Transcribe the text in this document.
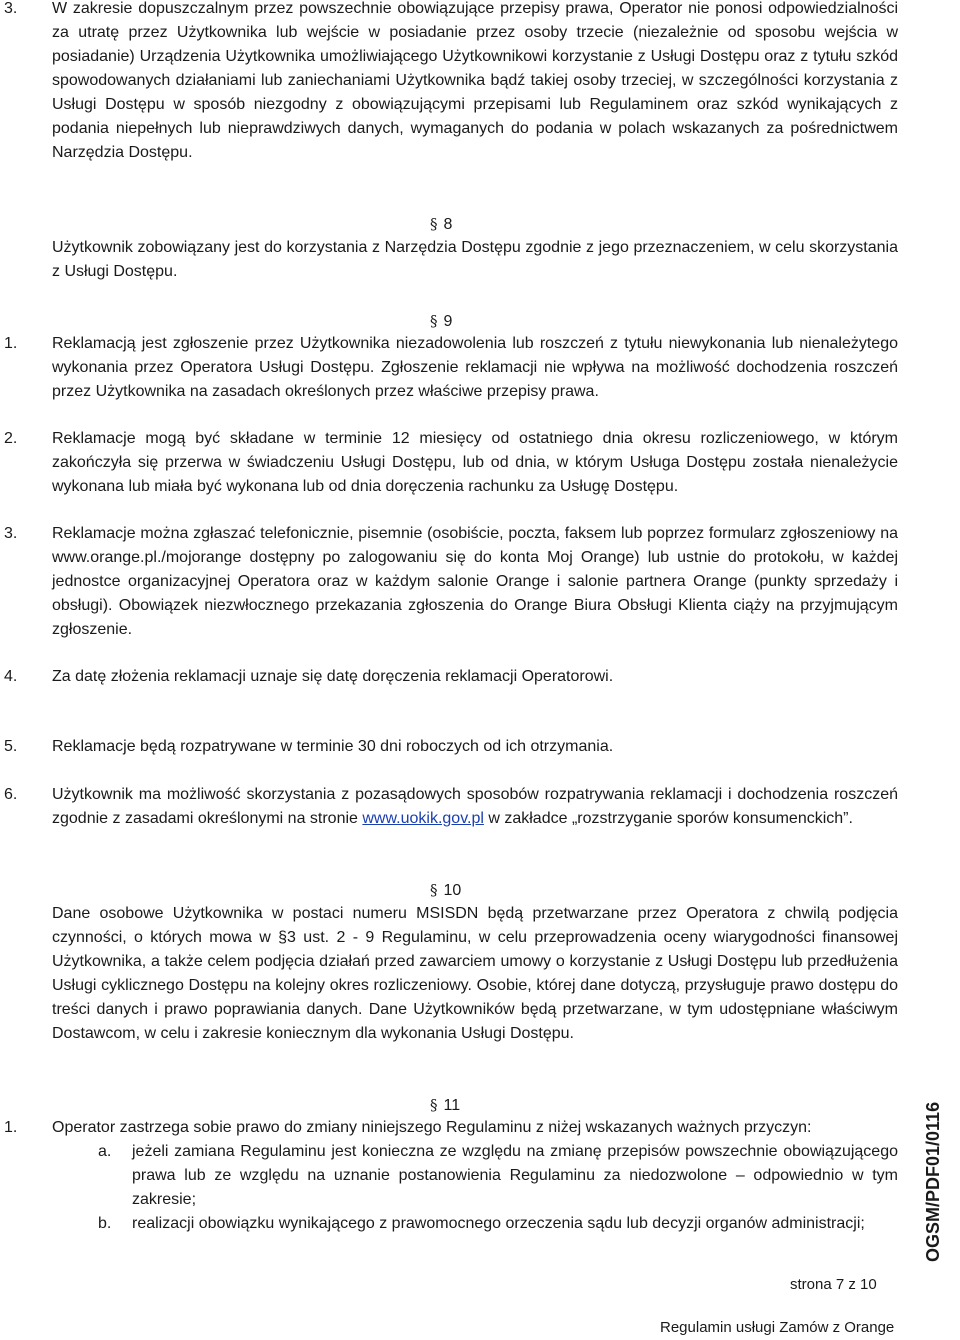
3. W zakresie dopuszczalnym przez powszechnie obowiązujące przepisy prawa, Operator nie ponosi odpowiedzialności za utratę przez Użytkownika lub wejście w posiadanie przez osoby trzecie (niezależnie od sposobu wejścia w posiadanie) Urządzenia Użytkownika umożliwiającego Użytkownikowi korzystanie z Usługi Dostępu oraz z tytułu szkód spowodowanych działaniami lub zaniechaniami Użytkownika bądź takiej osoby trzeciej, w szczególności korzystania z Usługi Dostępu w sposób niezgodny z obowiązującymi przepisami lub Regulaminem oraz szkód wynikających z podania niepełnych lub nieprawdziwych danych, wymaganych do podania w polach wskazanych za pośrednictwem Narzędzia Dostępu.

§ 8

Użytkownik zobowiązany jest do korzystania z Narzędzia Dostępu zgodnie z jego przeznaczeniem, w celu skorzystania z Usługi Dostępu.

§ 9

1. Reklamacją jest zgłoszenie przez Użytkownika niezadowolenia lub roszczeń z tytułu niewykonania lub nienależytego wykonania przez Operatora Usługi Dostępu. Zgłoszenie reklamacji nie wpływa na możliwość dochodzenia roszczeń przez Użytkownika na zasadach określonych przez właściwe przepisy prawa.

2. Reklamacje mogą być składane w terminie 12 miesięcy od ostatniego dnia okresu rozliczeniowego, w którym zakończyła się przerwa w świadczeniu Usługi Dostępu, lub od dnia, w którym Usługa Dostępu została nienależycie wykonana lub miała być wykonana lub od dnia doręczenia rachunku za Usługę Dostępu.

3. Reklamacje można zgłaszać telefonicznie, pisemnie (osobiście, poczta, faksem lub poprzez formularz zgłoszeniowy na www.orange.pl./mojorange dostępny po zalogowaniu się do konta Moj Orange) lub ustnie do protokołu, w każdej jednostce organizacyjnej Operatora oraz w każdym salonie Orange i salonie partnera Orange (punkty sprzedaży i obsługi). Obowiązek niezwłocznego przekazania zgłoszenia do Orange Biura Obsługi Klienta ciąży na przyjmującym zgłoszenie.

4. Za datę złożenia reklamacji uznaje się datę doręczenia reklamacji Operatorowi.

5. Reklamacje będą rozpatrywane w terminie 30 dni roboczych od ich otrzymania.

6. Użytkownik ma możliwość skorzystania z pozasądowych sposobów rozpatrywania reklamacji i dochodzenia roszczeń zgodnie z zasadami określonymi na stronie www.uokik.gov.pl w zakładce „rozstrzyganie sporów konsumenckich”.

§ 10

Dane osobowe Użytkownika w postaci numeru MSISDN będą przetwarzane przez Operatora z chwilą podjęcia czynności, o których mowa w §3 ust. 2 - 9 Regulaminu, w celu przeprowadzenia oceny wiarygodności finansowej Użytkownika, a także celem podjęcia działań przed zawarciem umowy o korzystanie z Usługi Dostępu lub przedłużenia Usługi cyklicznego Dostępu na kolejny okres rozliczeniowy. Osobie, której dane dotyczą, przysługuje prawo dostępu do treści danych i prawo poprawiania danych. Dane Użytkowników będą przetwarzane, w tym udostępniane właściwym Dostawcom, w celu i zakresie koniecznym dla wykonania Usługi Dostępu.

§ 11

1. Operator zastrzega sobie prawo do zmiany niniejszego Regulaminu z niżej wskazanych ważnych przyczyn:

a. jeżeli zamiana Regulaminu jest konieczna ze względu na zmianę przepisów powszechnie obowiązującego prawa lub ze względu na uznanie postanowienia Regulaminu za niedozwolone – odpowiednio w tym zakresie;

b. realizacji obowiązku wynikającego z prawomocnego orzeczenia sądu lub decyzji organów administracji;

strona 7 z 10
Regulamin usługi Zamów z Orange
OGSM/PDF01/0116
